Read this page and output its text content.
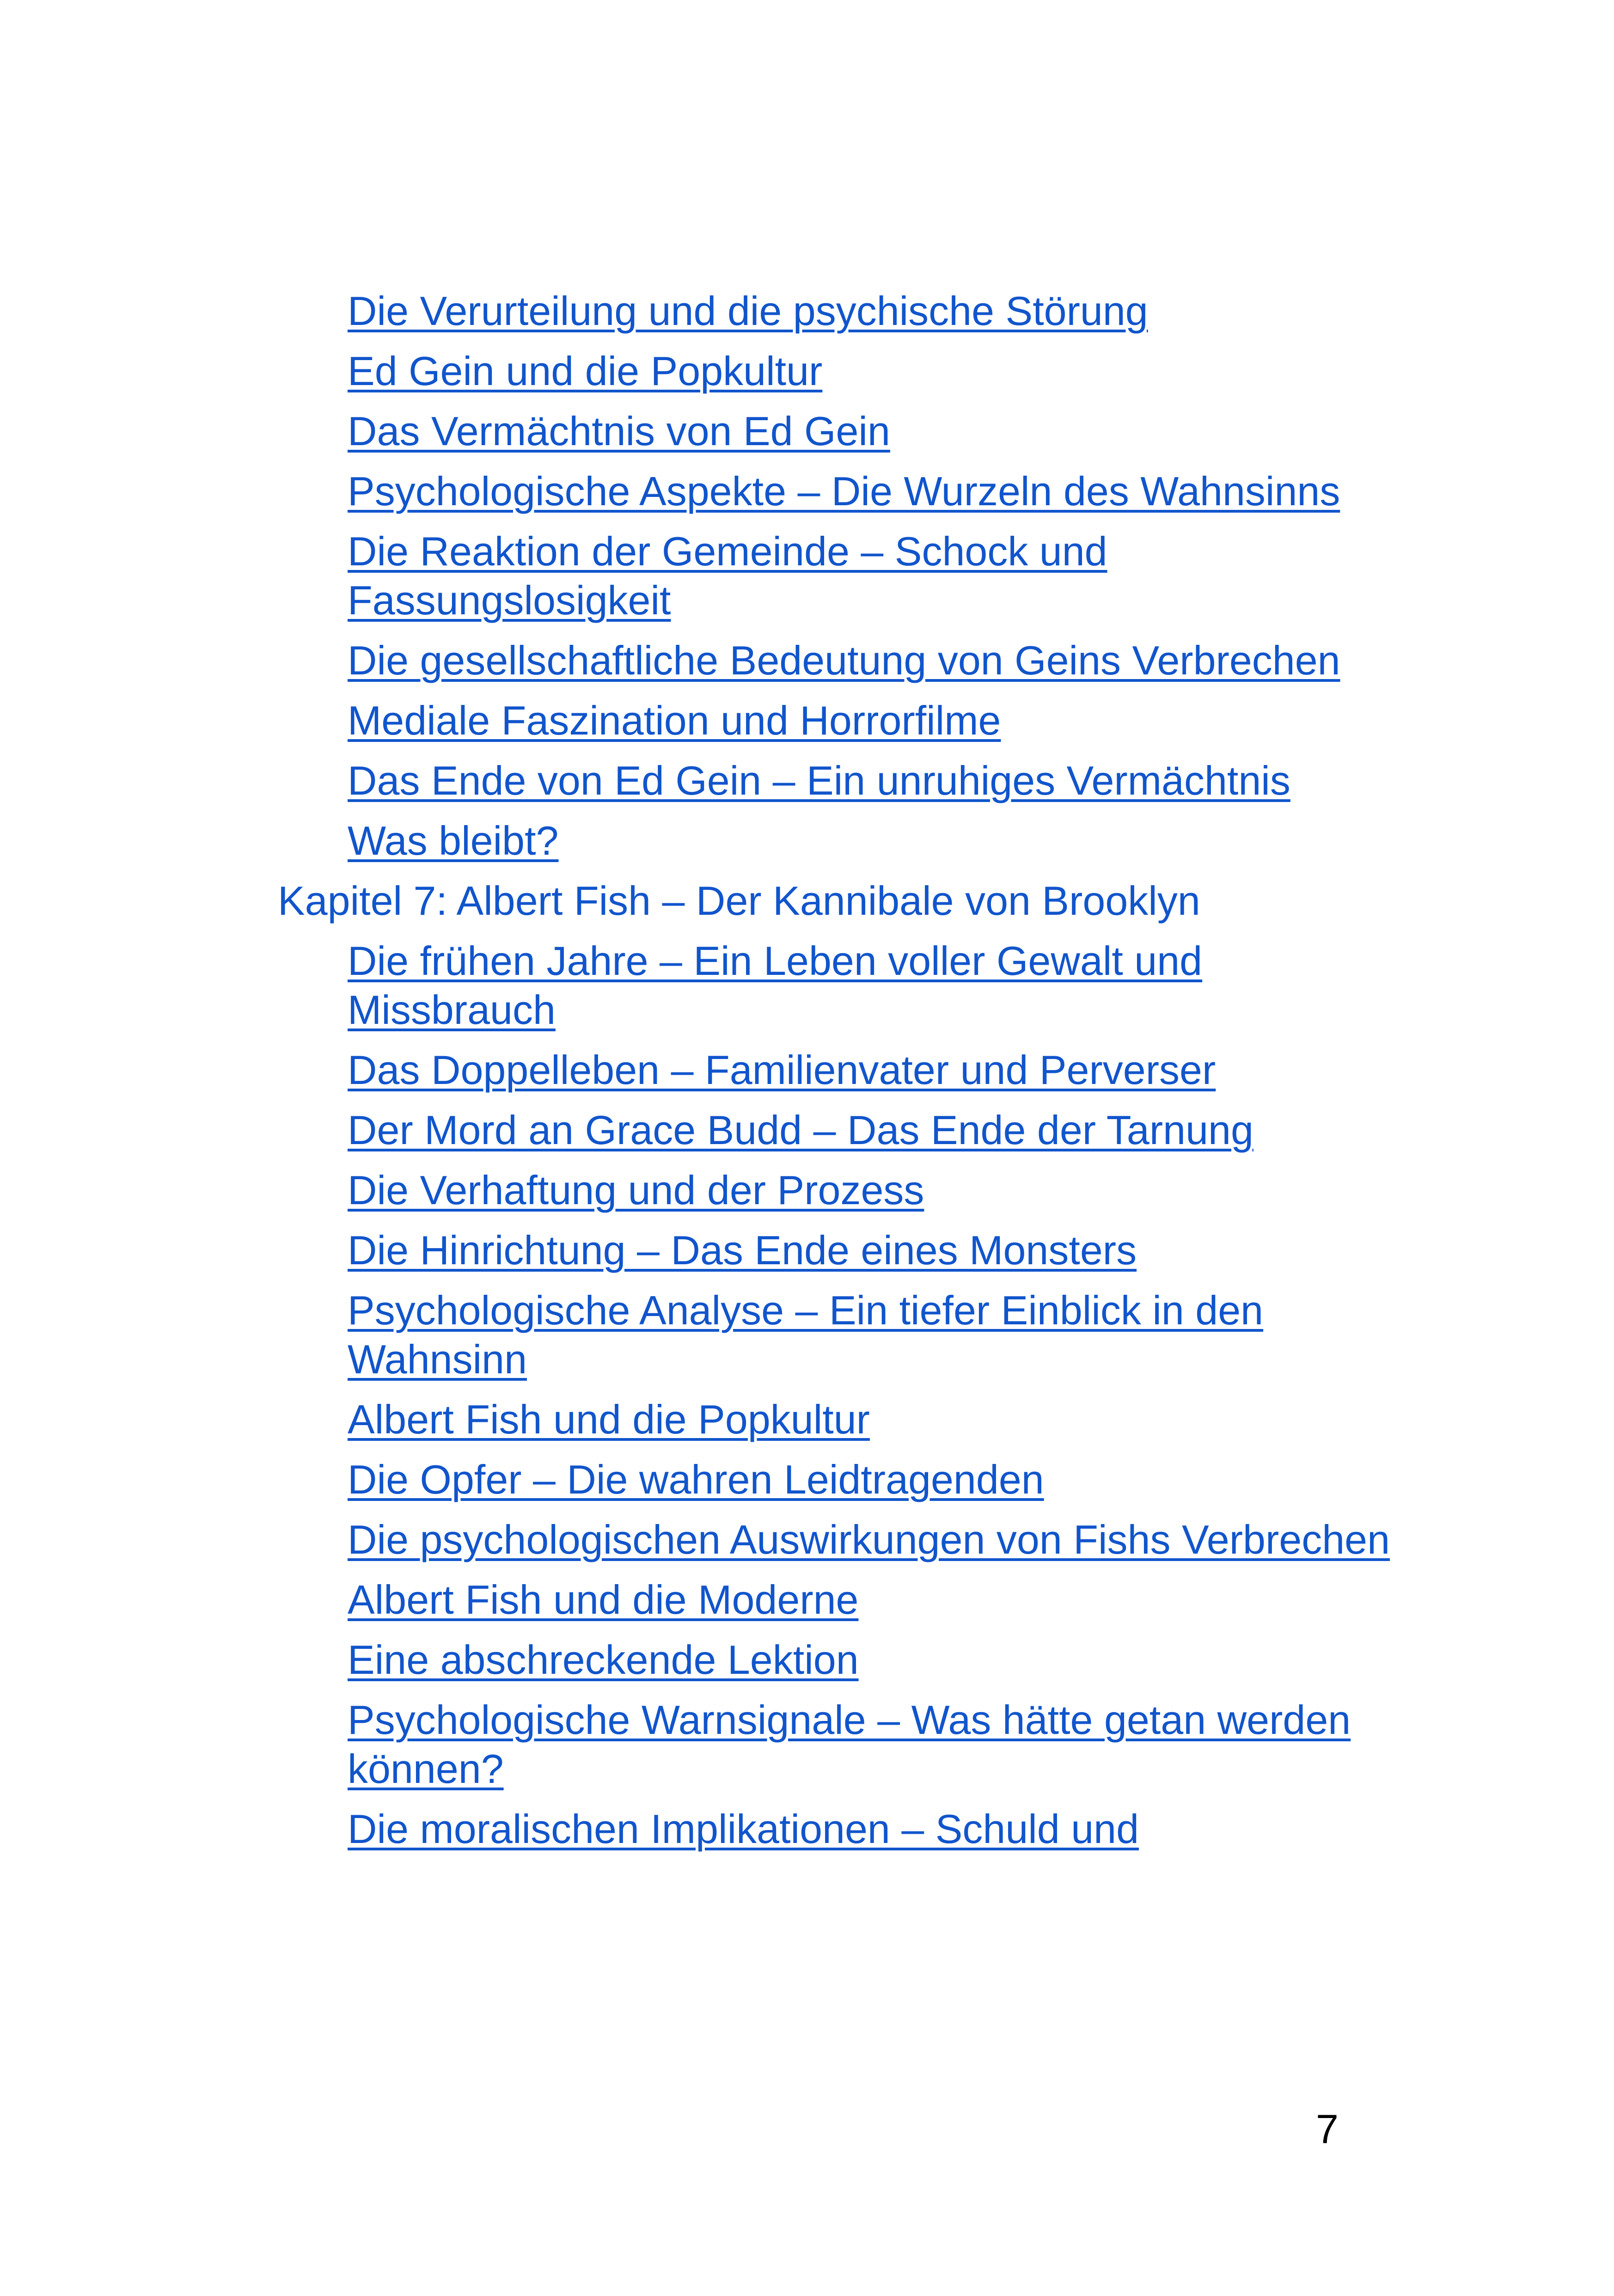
Die Verurteilung und die psychische Störung
Ed Gein und die Popkultur
Das Vermächtnis von Ed Gein
Psychologische Aspekte – Die Wurzeln des Wahnsinns
Die Reaktion der Gemeinde – Schock und Fassungslosigkeit
Die gesellschaftliche Bedeutung von Geins Verbrechen
Mediale Faszination und Horrorfilme
Das Ende von Ed Gein – Ein unruhiges Vermächtnis
Was bleibt?
Kapitel 7: Albert Fish – Der Kannibale von Brooklyn
Die frühen Jahre – Ein Leben voller Gewalt und Missbrauch
Das Doppelleben – Familienvater und Perverser
Der Mord an Grace Budd – Das Ende der Tarnung
Die Verhaftung und der Prozess
Die Hinrichtung – Das Ende eines Monsters
Psychologische Analyse – Ein tiefer Einblick in den Wahnsinn
Albert Fish und die Popkultur
Die Opfer – Die wahren Leidtragenden
Die psychologischen Auswirkungen von Fishs Verbrechen
Albert Fish und die Moderne
Eine abschreckende Lektion
Psychologische Warnsignale – Was hätte getan werden können?
Die moralischen Implikationen – Schuld und
7
